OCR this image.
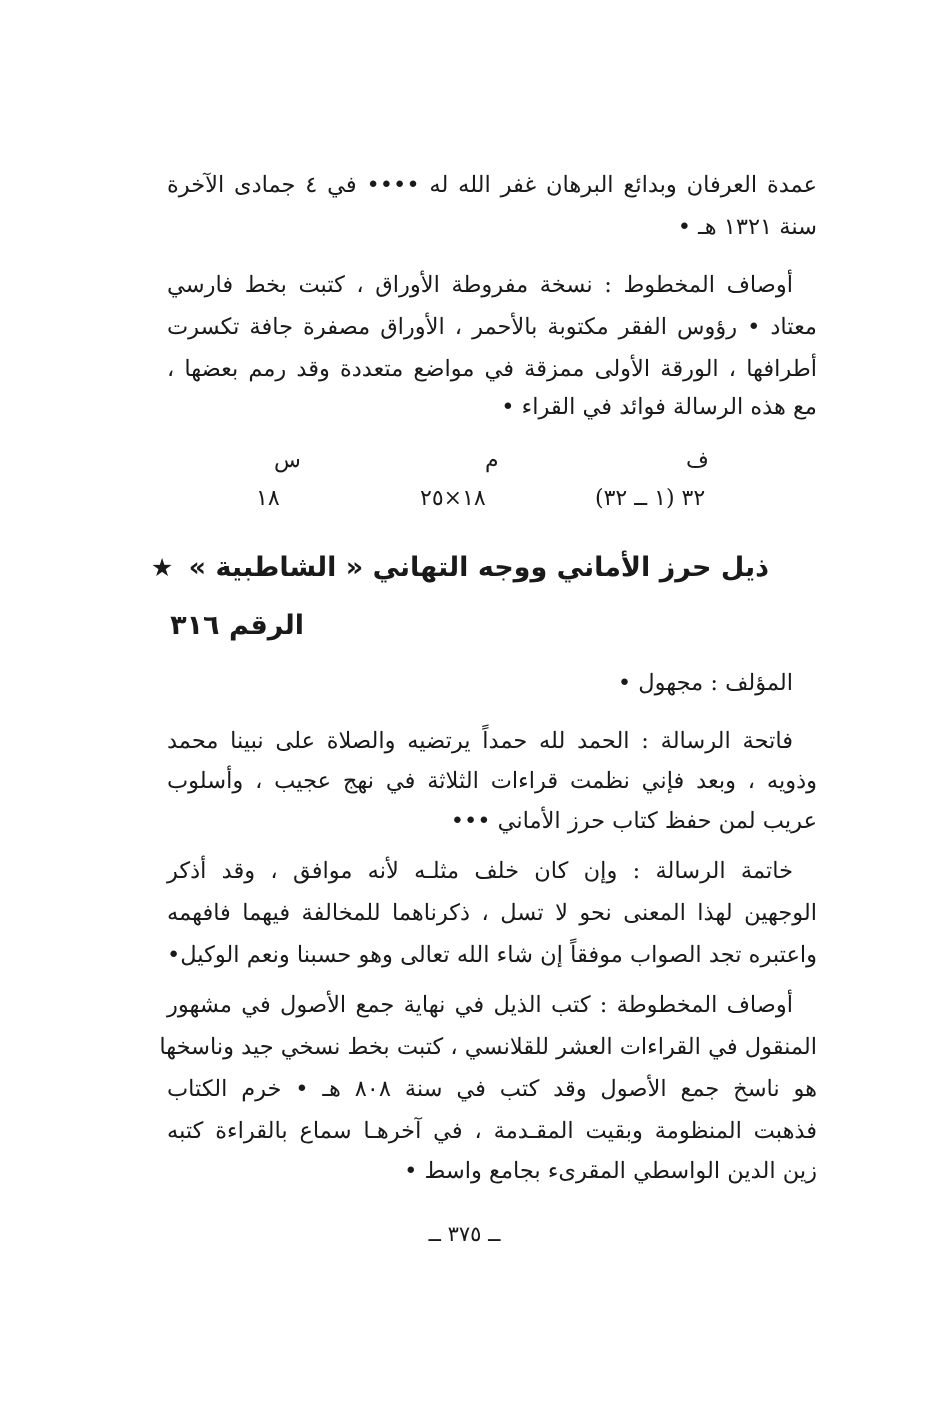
عمدة العرفان وبدائع البرهان غفر الله له •••• في ٤ جمادى الآخرة
سنة ١٣٢١ هـ •
أوصاف المخطوط : نسخة مفروطة الأوراق ، كتبت بخط فارسي
معتاد • رؤوس الفقر مكتوبة بالأحمر ، الأوراق مصفرة جافة تكسرت
أطرافها ، الورقة الأولى ممزقة في مواضع متعددة وقد رمم بعضها ،
مع هذه الرسالة فوائد في القراء •
ف
٣٢ (١ ــ ٣٢)
م
١٨×٢٥
س
١٨
ذيل حرز الأماني ووجه التهاني « الشاطبية » ★
الرقم ٣١٦
المؤلف : مجهول •
فاتحة الرسالة : الحمد لله حمداً يرتضيه والصلاة على نبينا محمد
وذويه ، وبعد فإني نظمت قراءات الثلاثة في نهج عجيب ، وأسلوب
عريب لمن حفظ كتاب حرز الأماني •••
خاتمة الرسالة : وإن كان خلف مثلـه لأنه موافق ، وقد أذكر
الوجهين لهذا المعنى نحو لا تسل ، ذكرناهما للمخالفة فيهما فافهمه
واعتبره تجد الصواب موفقاً إن شاء الله تعالى وهو حسبنا ونعم الوكيل•
أوصاف المخطوطة : كتب الذيل في نهاية جمع الأصول في مشهور
المنقول في القراءات العشر للقلانسي ، كتبت بخط نسخي جيد وناسخها
هو ناسخ جمع الأصول وقد كتب في سنة ٨٠٨ هـ • خرم الكتاب
فذهبت المنظومة وبقيت المقـدمة ، في آخرهـا سماع بالقراءة كتبه
زين الدين الواسطي المقرىء بجامع واسط •
ــ ٣٧٥ ــ
